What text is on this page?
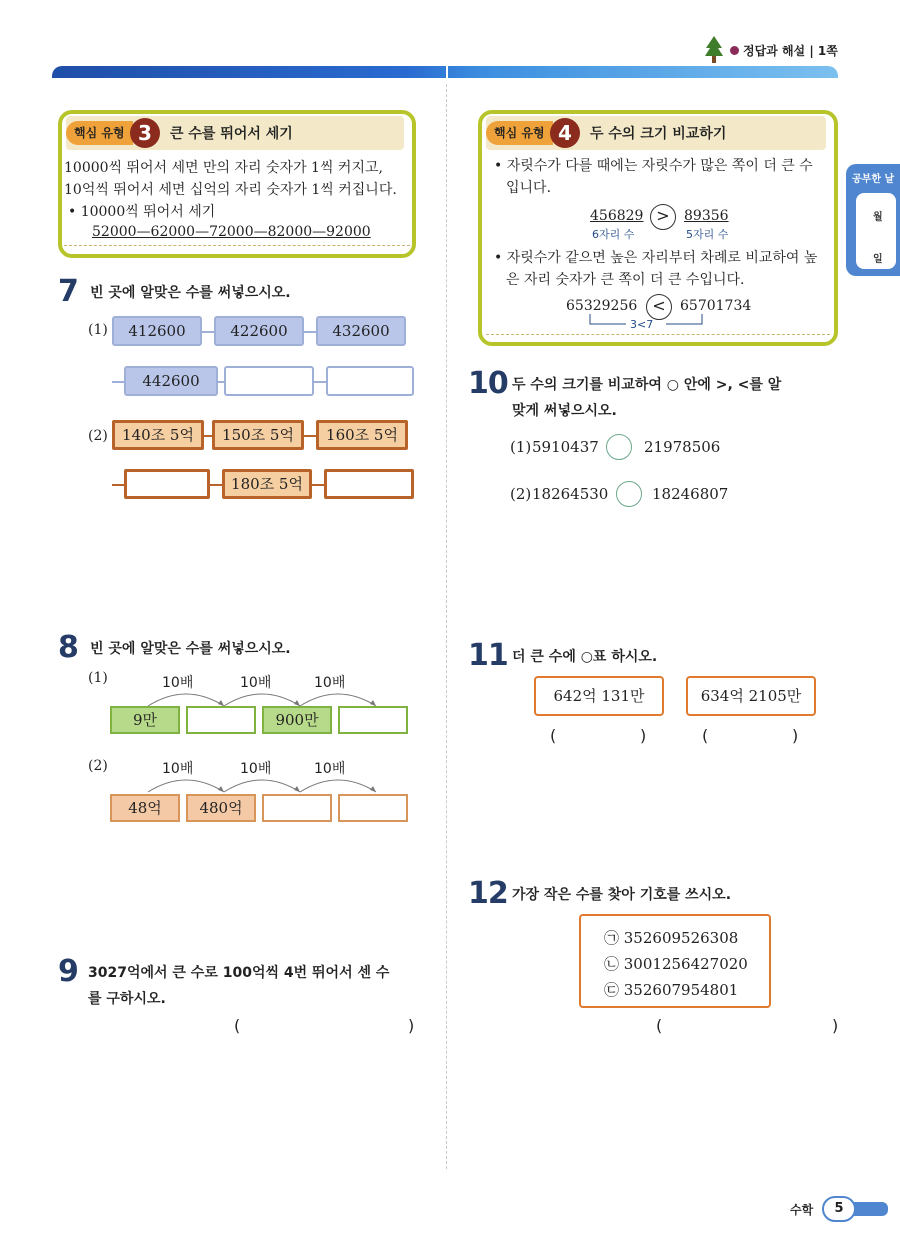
정답과 해설 | 1쪽
공부한 날
월
일
핵심 유형 3	큰 수를 뛰어서 세기
10000씩 뛰어서 세면 만의 자리 숫자가 1씩 커지고,
10억씩 뛰어서 세면 십억의 자리 숫자가 1씩 커집니다.
• 10000씩 뛰어서 세기
52000—62000—72000—82000—92000
핵심 유형 4	두 수의 크기 비교하기
• 자릿수가 다를 때에는 자릿수가 많은 쪽이 더 큰 수
입니다.
456829 >	89356
6자리 수	5자리 수
• 자릿수가 같으면 높은 자리부터 차례로 비교하여 높
은 자리 숫자가 큰 쪽이 더 큰 수입니다.
65329256 <	65701734
3<7
7 빈 곳에 알맞은 수를 써넣으시오.
(1)	412600	422600	432600
442600
(2) 140조 5억	150조 5억	160조 5억
180조 5억
8 빈 곳에 알맞은 수를 써넣으시오.
(1)	10배	10배	10배
9만	900만
(2)	10배	10배	10배
48억	480억
9 3027억에서 큰 수로 100억씩 4번 뛰어서 센 수
를 구하시오.
(	)
10 두 수의 크기를 비교하여 ○ 안에 >, <를 알
맞게 써넣으시오.
(1) 5910437	21978506
(2) 18264530	18246807
11 더 큰 수에 ○표 하시오.
642억 131만	634억 2105만
(	)	(	)
12 가장 작은 수를 찾아 기호를 쓰시오.
㉠ 352609526308
㉡ 3001256427020
㉢ 352607954801
(	)
수학	5
